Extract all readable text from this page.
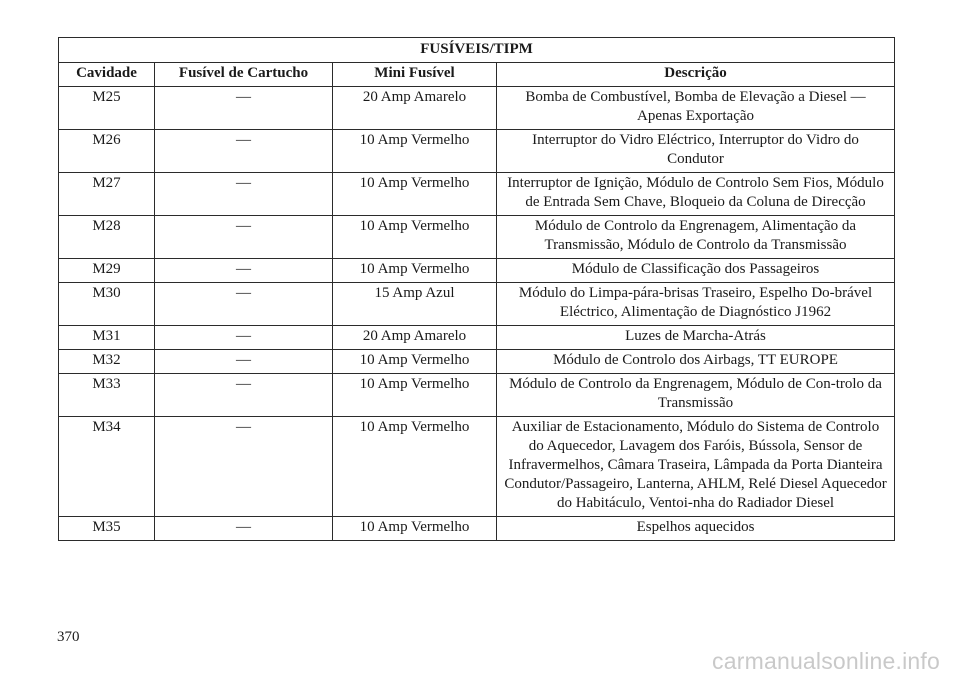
FUSÍVEIS/TIPM			
Cavidade	Fusível de Cartucho	Mini Fusível	Descrição
M25	—	20 Amp Amarelo	Bomba de Combustível, Bomba de Elevação a Diesel — Apenas Exportação
M26	—	10 Amp Vermelho	Interruptor do Vidro Eléctrico, Interruptor do Vidro do Condutor
M27	—	10 Amp Vermelho	Interruptor de Ignição, Módulo de Controlo Sem Fios, Módulo de Entrada Sem Chave, Bloqueio da Coluna de Direcção
M28	—	10 Amp Vermelho	Módulo de Controlo da Engrenagem, Alimentação da Transmissão, Módulo de Controlo da Transmissão
M29	—	10 Amp Vermelho	Módulo de Classificação dos Passageiros
M30	—	15 Amp Azul	Módulo do Limpa-pára-brisas Traseiro, Espelho Do-brável Eléctrico, Alimentação de Diagnóstico J1962
M31	—	20 Amp Amarelo	Luzes de Marcha-Atrás
M32	—	10 Amp Vermelho	Módulo de Controlo dos Airbags, TT EUROPE
M33	—	10 Amp Vermelho	Módulo de Controlo da Engrenagem, Módulo de Con-trolo da Transmissão
M34	—	10 Amp Vermelho	Auxiliar de Estacionamento, Módulo do Sistema de Controlo do Aquecedor, Lavagem dos Faróis, Bússola, Sensor de Infravermelhos, Câmara Traseira, Lâmpada da Porta Dianteira Condutor/Passageiro, Lanterna, AHLM, Relé Diesel Aquecedor do Habitáculo, Ventoi-nha do Radiador Diesel
M35	—	10 Amp Vermelho	Espelhos aquecidos
370
carmanualsonline.info
